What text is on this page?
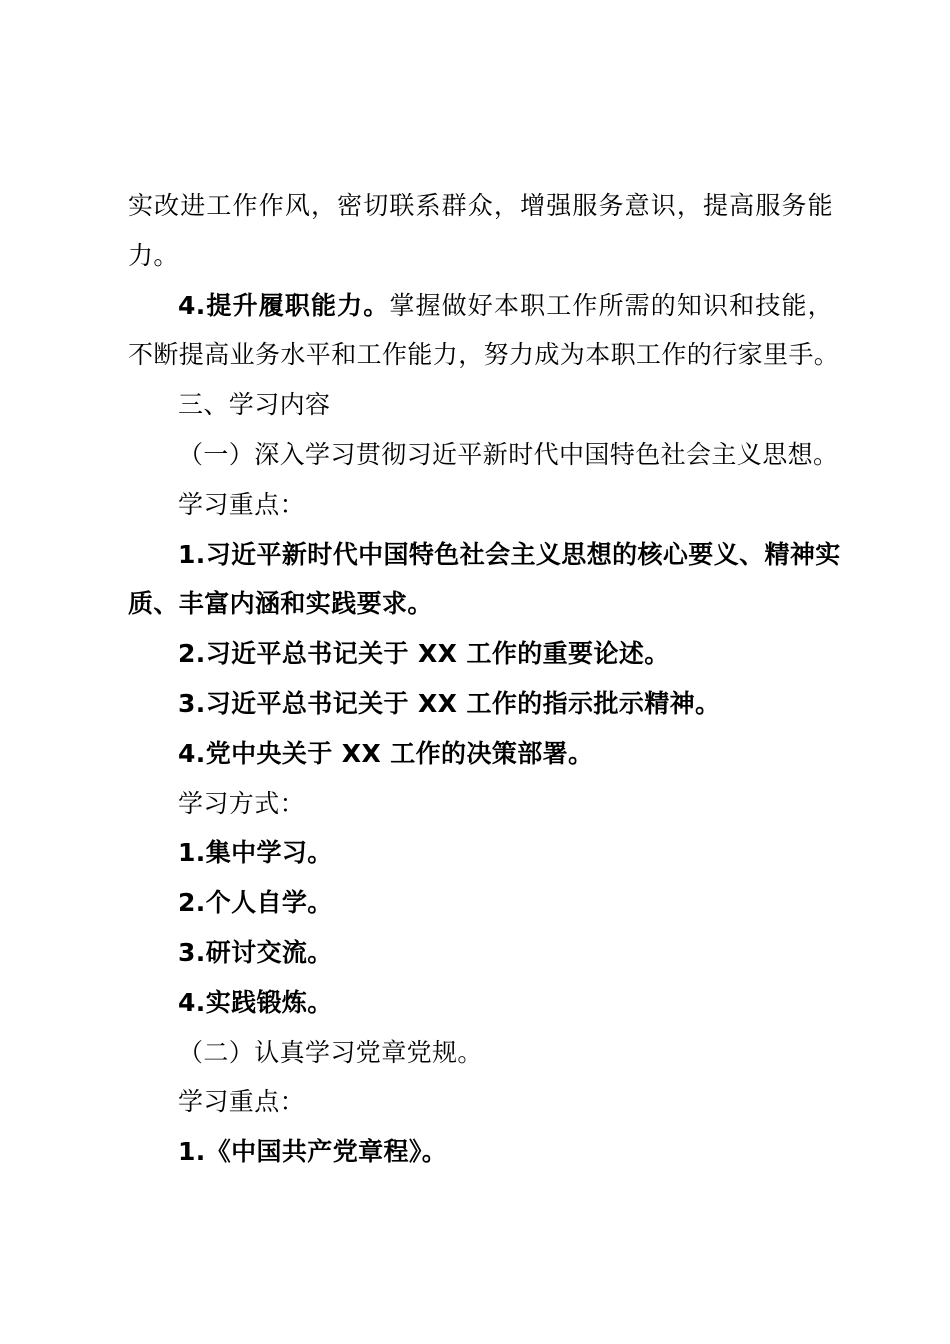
实改进工作作风，密切联系群众，增强服务意识，提高服务能
力。
4.提升履职能力。掌握做好本职工作所需的知识和技能，
不断提高业务水平和工作能力，努力成为本职工作的行家里手。
三、学习内容
（一）深入学习贯彻习近平新时代中国特色社会主义思想。
学习重点：
1.习近平新时代中国特色社会主义思想的核心要义、精神实
质、丰富内涵和实践要求。
2.习近平总书记关于 XX 工作的重要论述。
3.习近平总书记关于 XX 工作的指示批示精神。
4.党中央关于 XX 工作的决策部署。
学习方式：
1.集中学习。
2.个人自学。
3.研讨交流。
4.实践锻炼。
（二）认真学习党章党规。
学习重点：
1.《中国共产党章程》。
